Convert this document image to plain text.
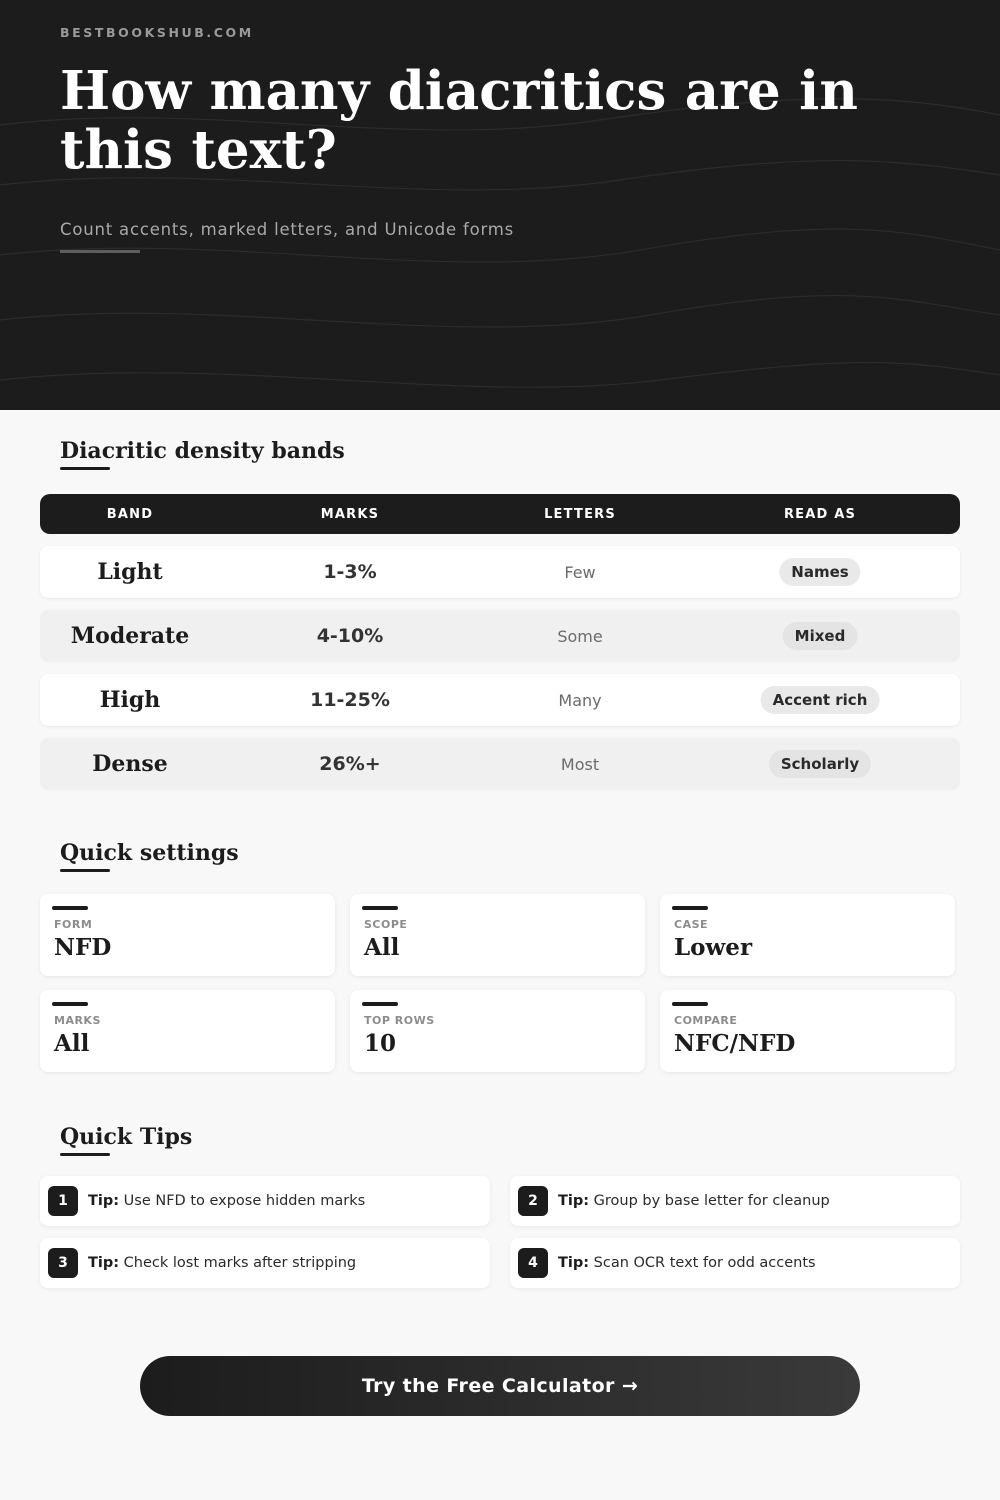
BESTBOOKSHUB.COM
How many diacritics are in this text?
Count accents, marked letters, and Unicode forms
Diacritic density bands
BAND	MARKS	LETTERS	READ AS
Light	1-3%	Few	Names
Moderate	4-10%	Some	Mixed
High	11-25%	Many	Accent rich
Dense	26%+	Most	Scholarly
Quick settings
FORM
NFD
SCOPE
All
CASE
Lower
MARKS
All
TOP ROWS
10
COMPARE
NFC/NFD
Quick Tips
1	Tip: Use NFD to expose hidden marks	2	Tip: Group by base letter for cleanup
3	Tip: Check lost marks after stripping	4	Tip: Scan OCR text for odd accents
Try the Free Calculator →
